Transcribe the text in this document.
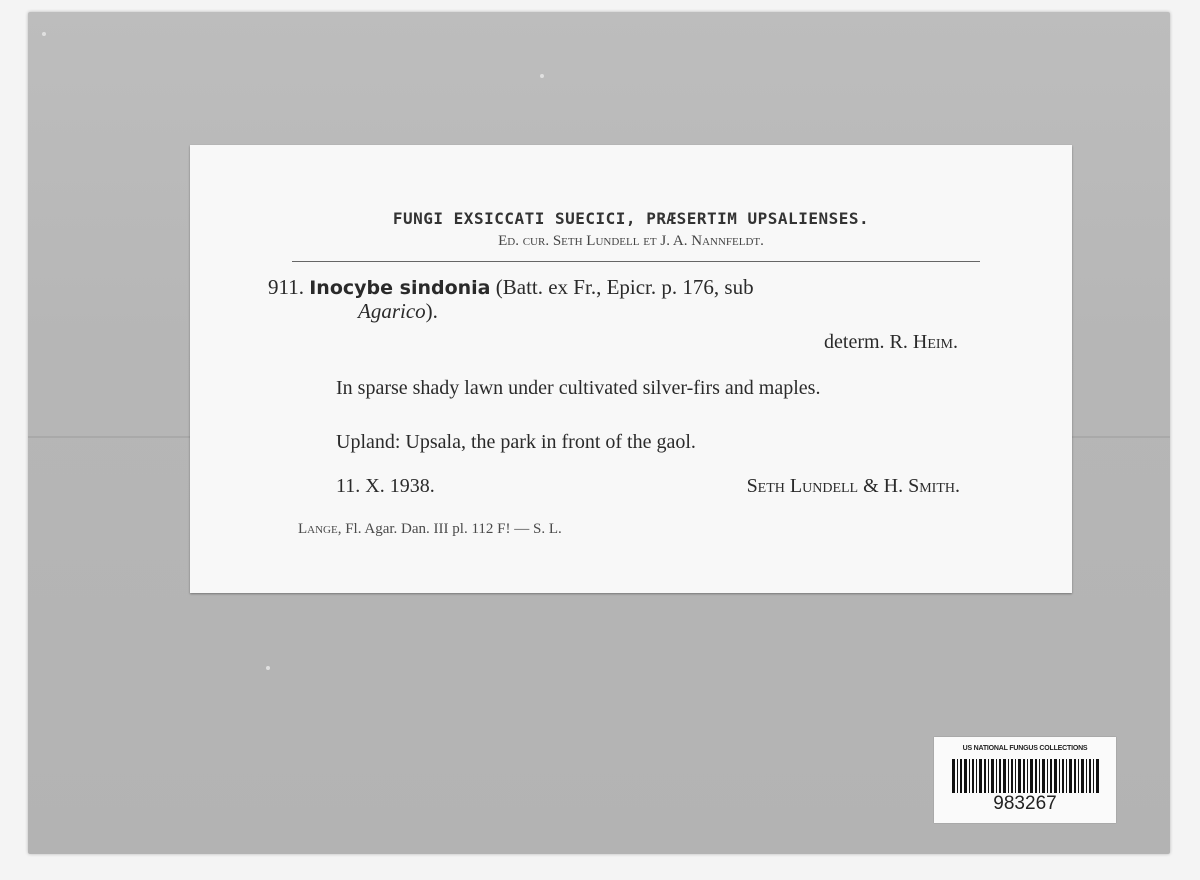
FUNGI EXSICCATI SUECICI, PRÆSERTIM UPSALIENSES.
Ed. cur. Seth Lundell et J. A. Nannfeldt.
911. Inocybe sindonia (Batt. ex Fr., Epicr. p. 176, sub
Agarico).
determ. R. Heim.
In sparse shady lawn under cultivated silver-firs and maples.
Upland: Upsala, the park in front of the gaol.
11. X. 1938.	Seth Lundell & H. Smith.
Lange, Fl. Agar. Dan. III pl. 112 F! — S. L.
US NATIONAL FUNGUS COLLECTIONS
983267
